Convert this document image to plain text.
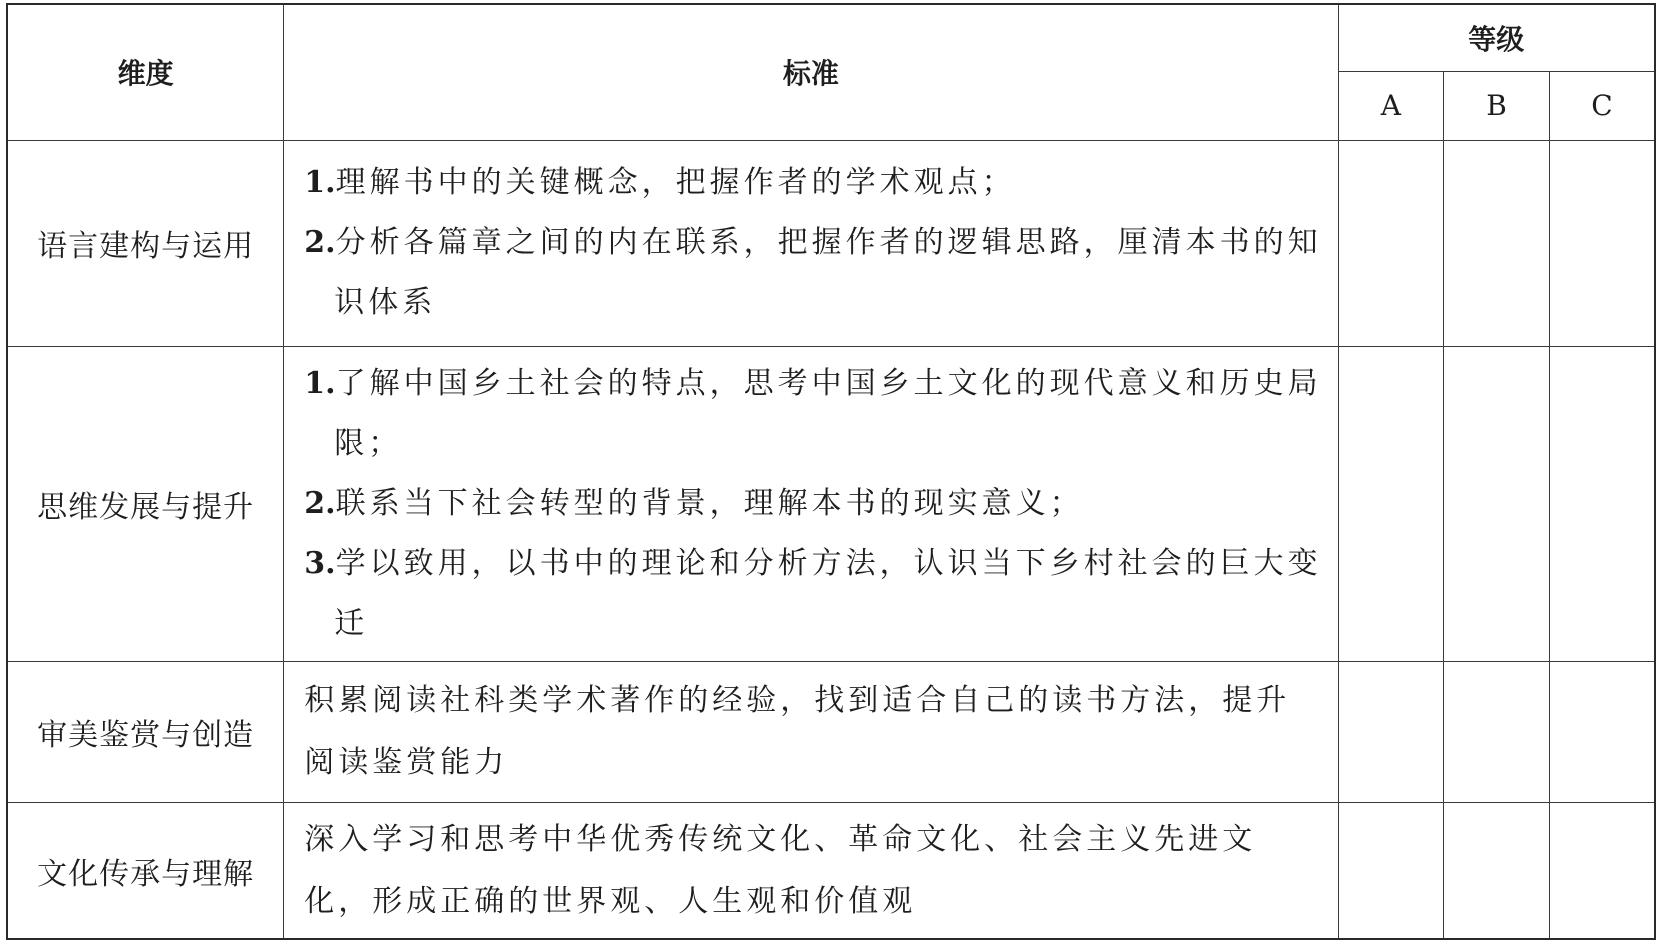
维度	标准	等级		
		A	B	C
语言建构与运用	1.理解书中的关键概念，把握作者的学术观点；
2.分析各篇章之间的内在联系，把握作者的逻辑思路，厘清本书的知识体系			

思维发展与提升	1.了解中国乡土社会的特点，思考中国乡土文化的现代意义和历史局限；
2.联系当下社会转型的背景，理解本书的现实意义；
3.学以致用，以书中的理论和分析方法，认识当下乡村社会的巨大变迁			

审美鉴赏与创造	积累阅读社科类学术著作的经验，找到适合自己的读书方法，提升阅读鉴赏能力			

文化传承与理解	深入学习和思考中华优秀传统文化、革命文化、社会主义先进文化，形成正确的世界观、人生观和价值观			
